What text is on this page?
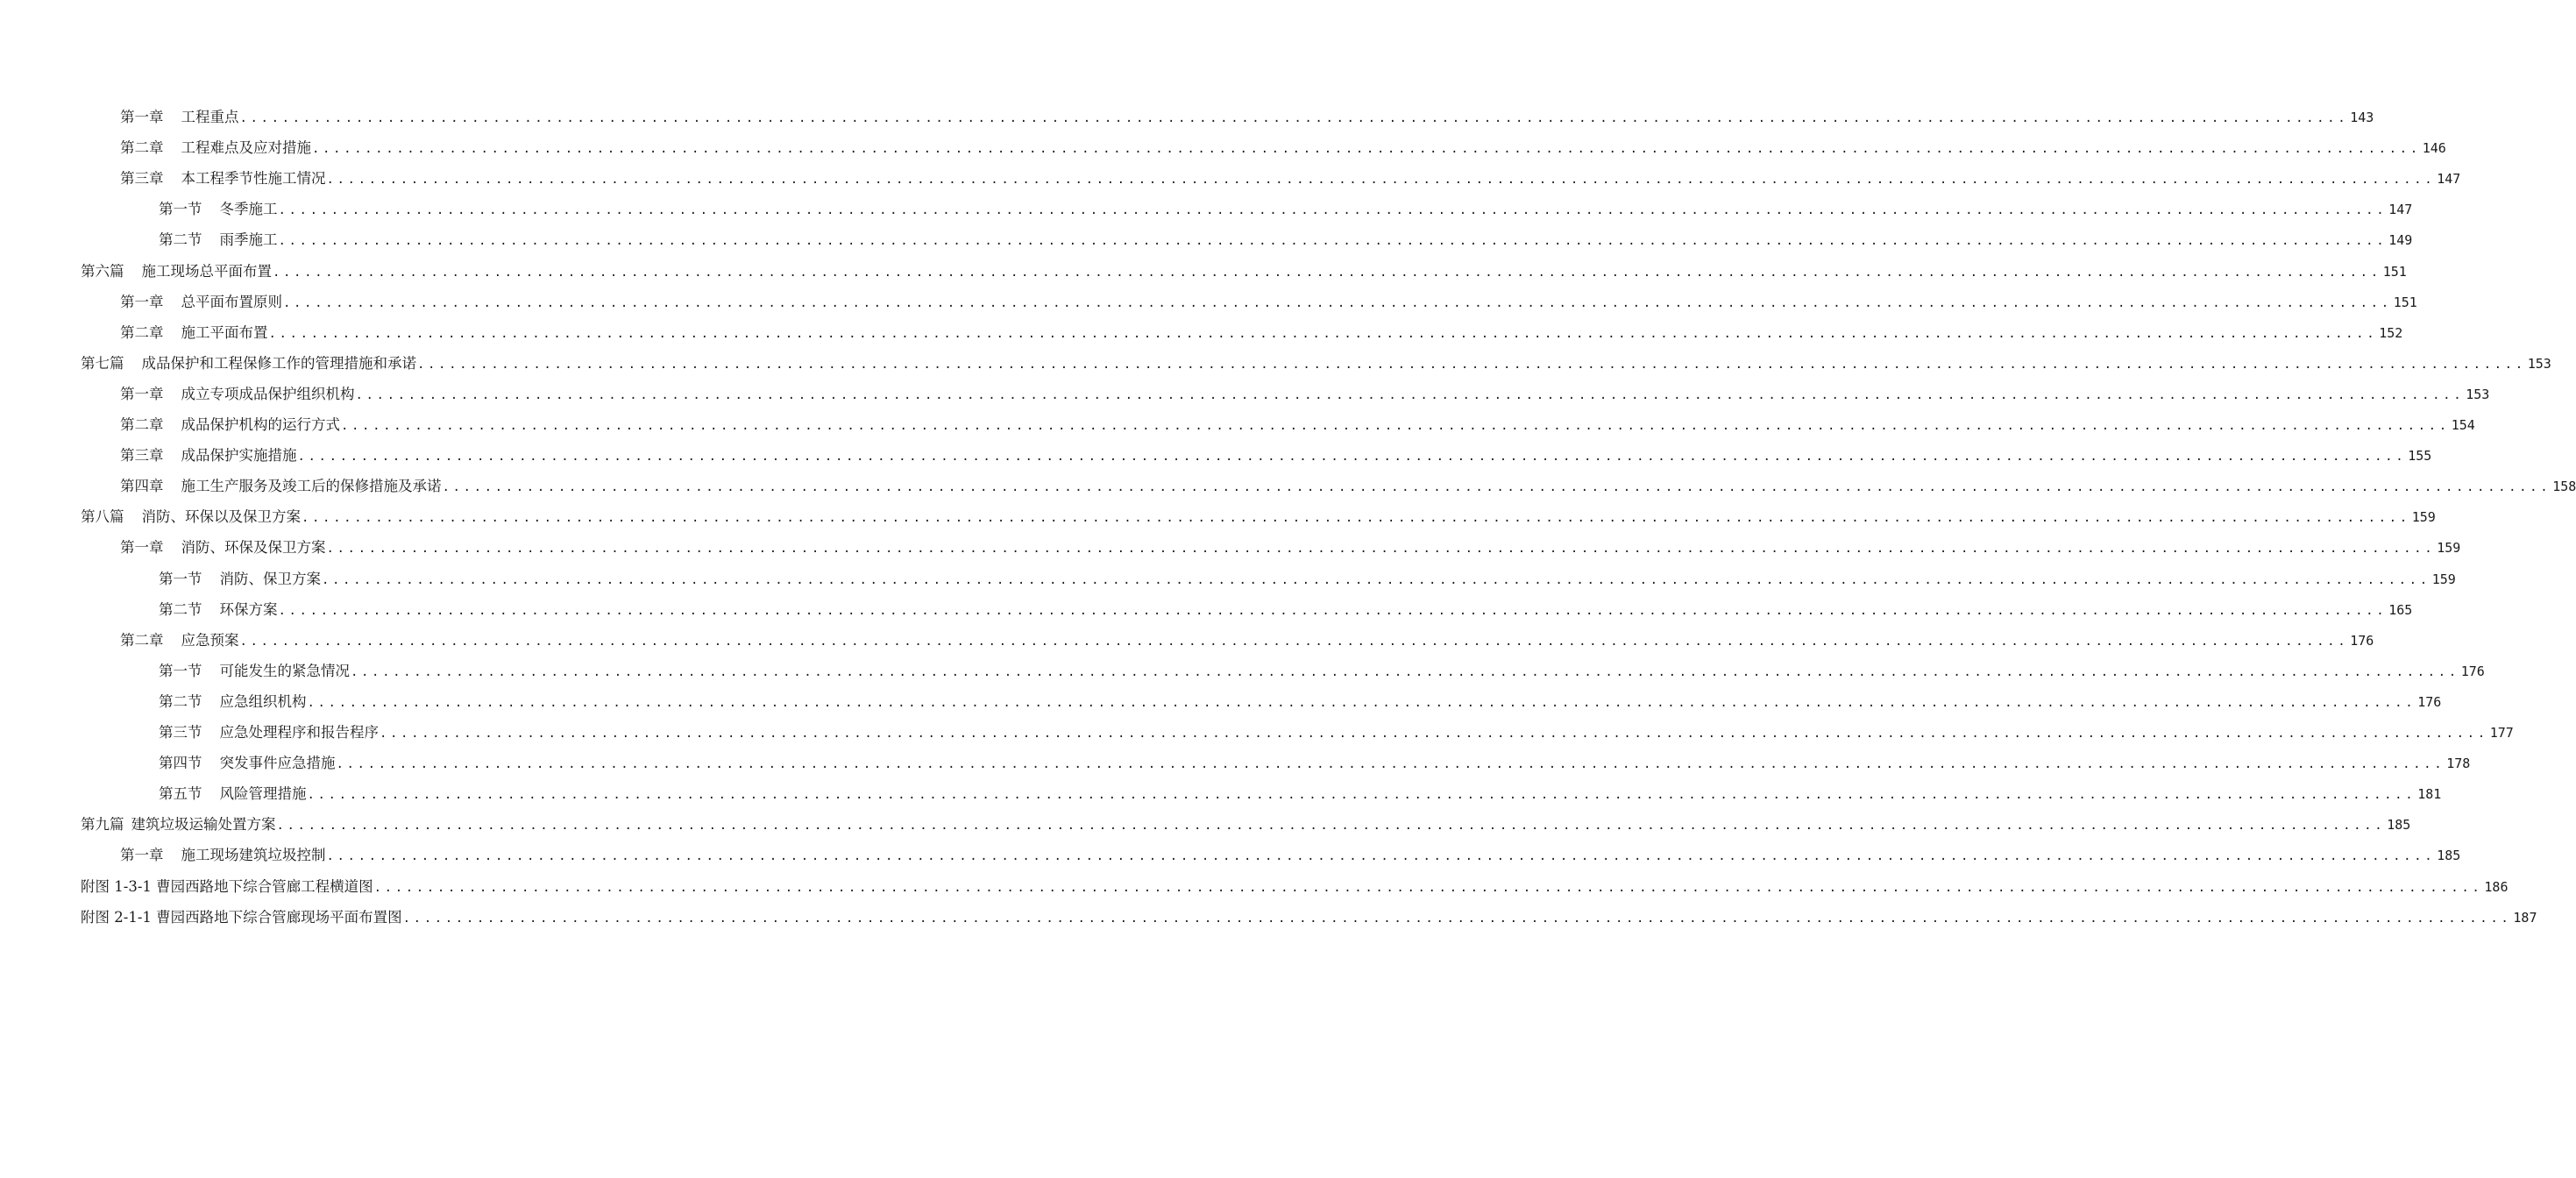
第一章 工程重点 ........................................................................................................................................................................................................ 143
第二章 工程难点及应对措施 ........................................................................................................................................................................................................ 146
第三章 本工程季节性施工情况 ........................................................................................................................................................................................................ 147
第一节 冬季施工 ........................................................................................................................................................................................................ 147
第二节 雨季施工 ........................................................................................................................................................................................................ 149
第六篇 施工现场总平面布置 ........................................................................................................................................................................................................ 151
第一章 总平面布置原则 ........................................................................................................................................................................................................ 151
第二章 施工平面布置 ........................................................................................................................................................................................................ 152
第七篇 成品保护和工程保修工作的管理措施和承诺 ........................................................................................................................................................................................................ 153
第一章 成立专项成品保护组织机构 ........................................................................................................................................................................................................ 153
第二章 成品保护机构的运行方式 ........................................................................................................................................................................................................ 154
第三章 成品保护实施措施 ........................................................................................................................................................................................................ 155
第四章 施工生产服务及竣工后的保修措施及承诺 ........................................................................................................................................................................................................ 158
第八篇 消防、环保以及保卫方案 ........................................................................................................................................................................................................ 159
第一章 消防、环保及保卫方案 ........................................................................................................................................................................................................ 159
第一节 消防、保卫方案 ........................................................................................................................................................................................................ 159
第二节 环保方案 ........................................................................................................................................................................................................ 165
第二章 应急预案 ........................................................................................................................................................................................................ 176
第一节 可能发生的紧急情况 ........................................................................................................................................................................................................ 176
第二节 应急组织机构 ........................................................................................................................................................................................................ 176
第三节 应急处理程序和报告程序 ........................................................................................................................................................................................................ 177
第四节 突发事件应急措施 ........................................................................................................................................................................................................ 178
第五节 风险管理措施 ........................................................................................................................................................................................................ 181
第九篇 建筑垃圾运输处置方案 ........................................................................................................................................................................................................ 185
第一章 施工现场建筑垃圾控制 ........................................................................................................................................................................................................ 185
附图 1-3-1 曹园西路地下综合管廊工程横道图 ........................................................................................................................................................................................................ 186
附图 2-1-1 曹园西路地下综合管廊现场平面布置图 ........................................................................................................................................................................................................ 187
